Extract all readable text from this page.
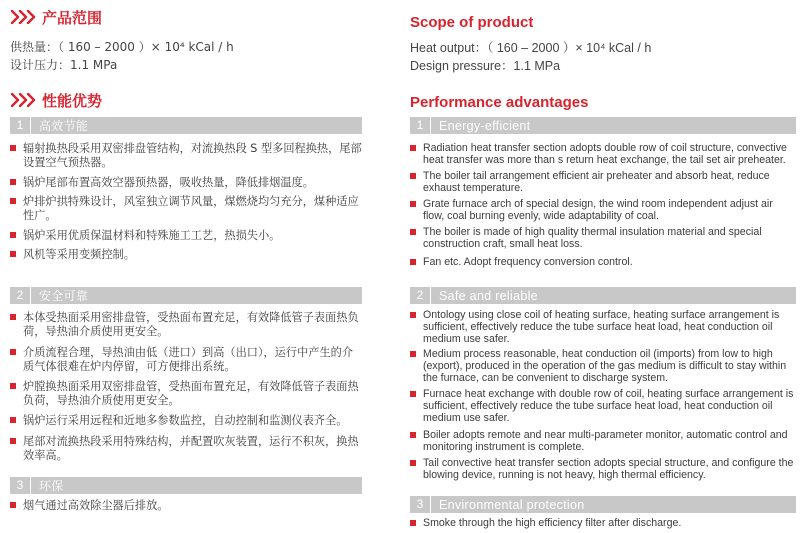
产品范围
供热量：（ 160 – 2000 ）× 10⁴ kCal / h
设计压力：1.1 MPa
性能优势
1	高效节能
辐射换热段采用双密排盘管结构，对流换热段 S 型多回程换热，尾部设置空气预热器。
锅炉尾部布置高效空器预热器，吸收热量，降低排烟温度。
炉排炉拱特殊设计，风室独立调节风量，煤燃烧均匀充分，煤种适应性广。
锅炉采用优质保温材料和特殊施工工艺，热损失小。
风机等采用变频控制。
2	安全可靠
本体受热面采用密排盘管，受热面布置充足，有效降低管子表面热负荷，导热油介质使用更安全。
介质流程合理，导热油由低（进口）到高（出口），运行中产生的介质气体很难在炉内停留，可方便排出系统。
炉膛换热面采用双密排盘管，受热面布置充足，有效降低管子表面热负荷，导热油介质使用更安全。
锅炉运行采用远程和近地多参数监控，自动控制和监测仪表齐全。
尾部对流换热段采用特殊结构，并配置吹灰装置，运行不积灰，换热效率高。
3	环保
烟气通过高效除尘器后排放。
Scope of product
Heat output：（ 160 – 2000 ）× 10⁴ kCal / h
Design pressure：1.1 MPa
Performance advantages
1	Energy-efficient
Radiation heat transfer section adopts double row of coil structure, convective heat transfer was more than s return heat exchange, the tail set air preheater.
The boiler tail arrangement efficient air preheater and absorb heat, reduce exhaust temperature.
Grate furnace arch of special design, the wind room independent adjust air flow, coal burning evenly, wide adaptability of coal.
The boiler is made of high quality thermal insulation material and special construction craft, small heat loss.
Fan etc. Adopt frequency conversion control.
2	Safe and reliable
Ontology using close coil of heating surface, heating surface arrangement is sufficient, effectively reduce the tube surface heat load, heat conduction oil medium use safer.
Medium process reasonable, heat conduction oil (imports) from low to high (export), produced in the operation of the gas medium is difficult to stay within the furnace, can be convenient to discharge system.
Furnace heat exchange with double row of coil, heating surface arrangement is sufficient, effectively reduce the tube surface heat load, heat conduction oil medium use safer.
Boiler adopts remote and near multi-parameter monitor, automatic control and monitoring instrument is complete.
Tail convective heat transfer section adopts special structure, and configure the blowing device, running is not heavy, high thermal efficiency.
3	Environmental protection
Smoke through the high efficiency filter after discharge.
